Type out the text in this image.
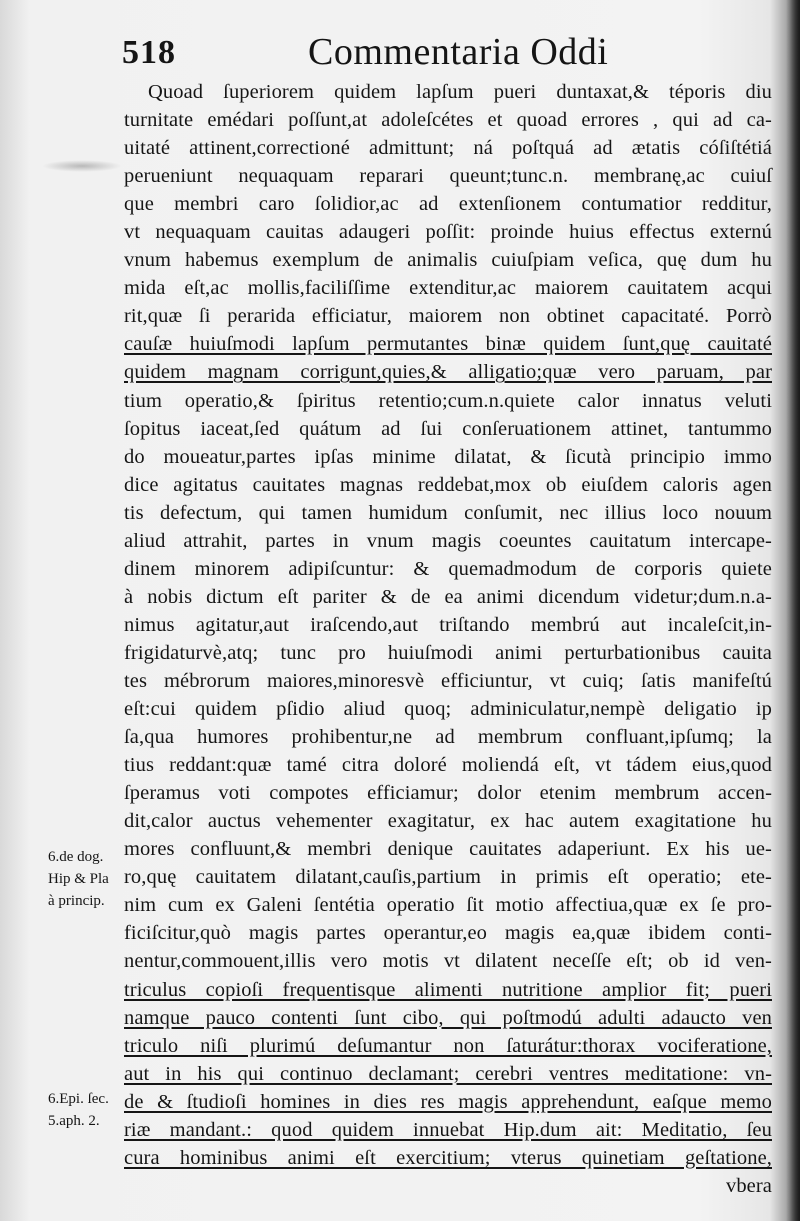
518	Commentaria Oddi
Quoad ſuperiorem quidem lapſum pueri duntaxat,& téporis diu
turnitate emédari poſſunt,at adoleſcétes et quoad errores , qui ad ca-
uitaté attinent,correctioné admittunt; ná poſtquá ad ætatis cóſiſtétiá
perueniunt nequaquam reparari queunt;tunc.n. membranę,ac cuiuſ
que membri caro ſolidior,ac ad extenſionem contumatior redditur,
vt nequaquam cauitas adaugeri poſſit: proinde huius effectus externú
vnum habemus exemplum de animalis cuiuſpiam veſica, quę dum hu
mida eſt,ac mollis,faciliſſime extenditur,ac maiorem cauitatem acqui
rit,quæ ſi perarida efficiatur, maiorem non obtinet capacitaté. Porrò
cauſæ huiuſmodi lapſum permutantes binæ quidem ſunt,quę cauitaté
quidem magnam corrigunt,quies,& alligatio;quæ vero paruam, par
tium operatio,& ſpiritus retentio;cum.n.quiete calor innatus veluti
ſopitus iaceat,ſed quátum ad ſui conſeruationem attinet, tantummo
do moueatur,partes ipſas minime dilatat, & ſicutà principio immo
dice agitatus cauitates magnas reddebat,mox ob eiuſdem caloris agen
tis defectum, qui tamen humidum conſumit, nec illius loco nouum
aliud attrahit, partes in vnum magis coeuntes cauitatum intercape-
dinem minorem adipiſcuntur: & quemadmodum de corporis quiete
à nobis dictum eſt pariter & de ea animi dicendum videtur;dum.n.a-
nimus agitatur,aut iraſcendo,aut triſtando membrú aut incaleſcit,in-
frigidaturvè,atq; tunc pro huiuſmodi animi perturbationibus cauita
tes mébrorum maiores,minoresvè efficiuntur, vt cuiq; ſatis manifeſtú
eſt:cui quidem pſidio aliud quoq; adminiculatur,nempè deligatio ip
ſa,qua humores prohibentur,ne ad membrum confluant,ipſumq; la
tius reddant:quæ tamé citra doloré moliendá eſt, vt tádem eius,quod
ſperamus voti compotes efficiamur; dolor etenim membrum accen-
dit,calor auctus vehementer exagitatur, ex hac autem exagitatione hu
mores confluunt,& membri denique cauitates adaperiunt. Ex his ue-
ro,quę cauitatem dilatant,cauſis,partium in primis eſt operatio; ete-
nim cum ex Galeni ſentétia operatio ſit motio affectiua,quæ ex ſe pro-
ficiſcitur,quò magis partes operantur,eo magis ea,quæ ibidem conti-
nentur,commouent,illis vero motis vt dilatent neceſſe eſt; ob id ven-
triculus copioſi frequentisque alimenti nutritione amplior fit; pueri
namque pauco contenti ſunt cibo, qui poſtmodú adulti adaucto ven
triculo niſi plurimú deſumantur non ſaturátur:thorax vociferatione,
aut in his qui continuo declamant; cerebri ventres meditatione: vn-
de & ſtudioſi homines in dies res magis apprehendunt, eaſque memo
riæ mandant.: quod quidem innuebat Hip.dum ait: Meditatio, ſeu
cura hominibus animi eſt exercitium; vterus quinetiam geſtatione,
vbera
6.de dog.
Hip & Pla
à princip.
6.Epi. ſec.
5.aph. 2.
